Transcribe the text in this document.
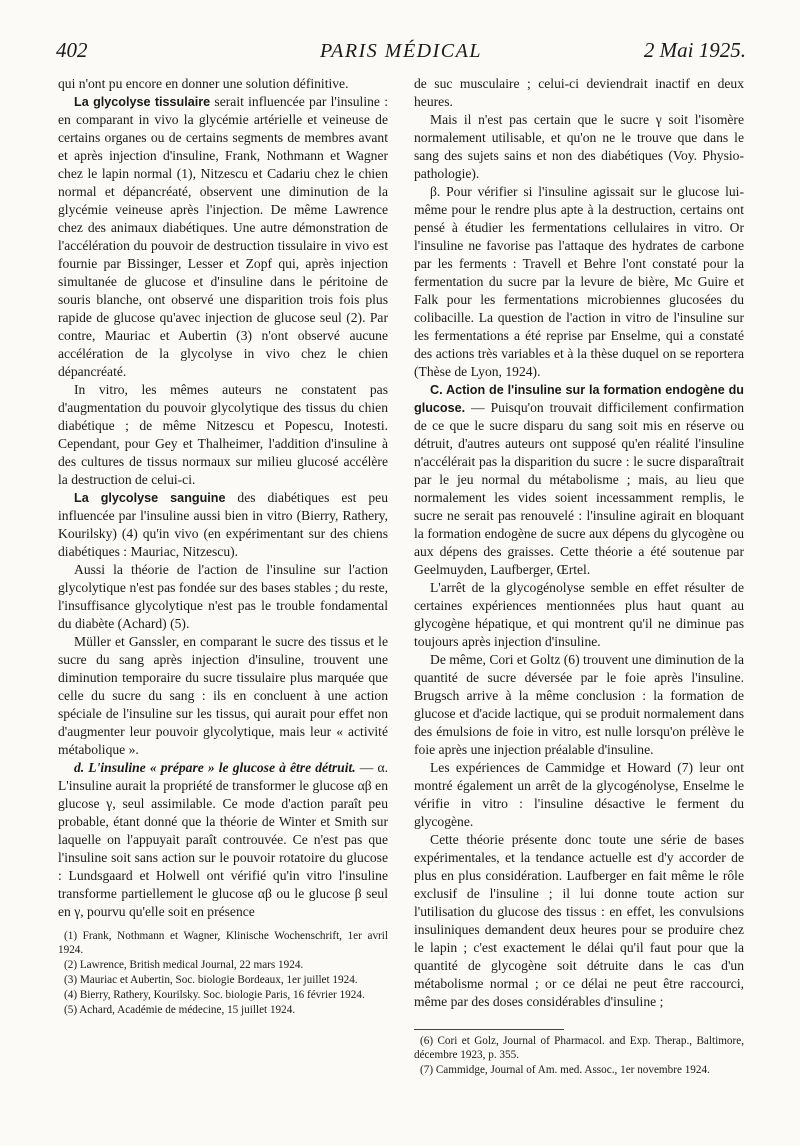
402	PARIS MÉDICAL	2 Mai 1925.

qui n'ont pu encore en donner une solution définitive.

La glycolyse tissulaire serait influencée par l'insuline : en comparant in vivo la glycémie artérielle et veineuse de certains organes ou de certains segments de membres avant et après injection d'insuline, Frank, Nothmann et Wagner chez le lapin normal (1), Nitzescu et Cadariu chez le chien normal et dépancréaté, observent une diminution de la glycémie veineuse après l'injection. De même Lawrence chez des animaux diabétiques. Une autre démonstration de l'accélération du pouvoir de destruction tissulaire in vivo est fournie par Bissinger, Lesser et Zopf qui, après injection simultanée de glucose et d'insuline dans le péritoine de souris blanche, ont observé une disparition trois fois plus rapide de glucose qu'avec injection de glucose seul (2). Par contre, Mauriac et Aubertin (3) n'ont observé aucune accélération de la glycolyse in vivo chez le chien dépancréaté.

In vitro, les mêmes auteurs ne constatent pas d'augmentation du pouvoir glycolytique des tissus du chien diabétique ; de même Nitzescu et Popescu, Inotesti. Cependant, pour Gey et Thalheimer, l'addition d'insuline à des cultures de tissus normaux sur milieu glucosé accélère la destruction de celui-ci.

La glycolyse sanguine des diabétiques est peu influencée par l'insuline aussi bien in vitro (Bierry, Rathery, Kourilsky) (4) qu'in vivo (en expérimentant sur des chiens diabétiques : Mauriac, Nitzescu).

Aussi la théorie de l'action de l'insuline sur l'action glycolytique n'est pas fondée sur des bases stables ; du reste, l'insuffisance glycolytique n'est pas le trouble fondamental du diabète (Achard) (5).

Müller et Ganssler, en comparant le sucre des tissus et le sucre du sang après injection d'insuline, trouvent une diminution temporaire du sucre tissulaire plus marquée que celle du sucre du sang : ils en concluent à une action spéciale de l'insuline sur les tissus, qui aurait pour effet non d'augmenter leur pouvoir glycolytique, mais leur « activité métabolique ».

d. L'insuline « prépare » le glucose à être détruit. — α. L'insuline aurait la propriété de transformer le glucose αβ en glucose γ, seul assimilable. Ce mode d'action paraît peu probable, étant donné que la théorie de Winter et Smith sur laquelle on l'appuyait paraît controuvée. Ce n'est pas que l'insuline soit sans action sur le pouvoir rotatoire du glucose : Lundsgaard et Holwell ont vérifié qu'in vitro l'insuline transforme partiellement le glucose αβ ou le glucose β seul en γ, pourvu qu'elle soit en présence

(1) Frank, Nothmann et Wagner, Klinische Wochenschrift, 1er avril 1924.
(2) Lawrence, British medical Journal, 22 mars 1924.
(3) Mauriac et Aubertin, Soc. biologie Bordeaux, 1er juillet 1924.
(4) Bierry, Rathery, Kourilsky. Soc. biologie Paris, 16 février 1924.
(5) Achard, Académie de médecine, 15 juillet 1924.

de suc musculaire ; celui-ci deviendrait inactif en deux heures.

Mais il n'est pas certain que le sucre γ soit l'isomère normalement utilisable, et qu'on ne le trouve que dans le sang des sujets sains et non des diabétiques (Voy. Physio-pathologie).

β. Pour vérifier si l'insuline agissait sur le glucose lui-même pour le rendre plus apte à la destruction, certains ont pensé à étudier les fermentations cellulaires in vitro. Or l'insuline ne favorise pas l'attaque des hydrates de carbone par les ferments : Travell et Behre l'ont constaté pour la fermentation du sucre par la levure de bière, Mc Guire et Falk pour les fermentations microbiennes glucosées du colibacille. La question de l'action in vitro de l'insuline sur les fermentations a été reprise par Enselme, qui a constaté des actions très variables et à la thèse duquel on se reportera (Thèse de Lyon, 1924).

C. Action de l'insuline sur la formation endogène du glucose. — Puisqu'on trouvait difficilement confirmation de ce que le sucre disparu du sang soit mis en réserve ou détruit, d'autres auteurs ont supposé qu'en réalité l'insuline n'accélérait pas la disparition du sucre : le sucre disparaîtrait par le jeu normal du métabolisme ; mais, au lieu que normalement les vides soient incessamment remplis, le sucre ne serait pas renouvelé : l'insuline agirait en bloquant la formation endogène de sucre aux dépens du glycogène ou aux dépens des graisses. Cette théorie a été soutenue par Geelmuyden, Laufberger, Œrtel.

L'arrêt de la glycogénolyse semble en effet résulter de certaines expériences mentionnées plus haut quant au glycogène hépatique, et qui montrent qu'il ne diminue pas toujours après injection d'insuline.

De même, Cori et Goltz (6) trouvent une diminution de la quantité de sucre déversée par le foie après l'insuline. Brugsch arrive à la même conclusion : la formation de glucose et d'acide lactique, qui se produit normalement dans des émulsions de foie in vitro, est nulle lorsqu'on prélève le foie après une injection préalable d'insuline.

Les expériences de Cammidge et Howard (7) leur ont montré également un arrêt de la glycogénolyse, Enselme le vérifie in vitro : l'insuline désactive le ferment du glycogène.

Cette théorie présente donc toute une série de bases expérimentales, et la tendance actuelle est d'y accorder de plus en plus considération. Laufberger en fait même le rôle exclusif de l'insuline ; il lui donne toute action sur l'utilisation du glucose des tissus : en effet, les convulsions insuliniques demandent deux heures pour se produire chez le lapin ; c'est exactement le délai qu'il faut pour que la quantité de glycogène soit détruite dans le cas d'un métabolisme normal ; or ce délai ne peut être raccourci, même par des doses considérables d'insuline ;

(6) Cori et Golz, Journal of Pharmacol. and Exp. Therap., Baltimore, décembre 1923, p. 355.
(7) Cammidge, Journal of Am. med. Assoc., 1er novembre 1924.
